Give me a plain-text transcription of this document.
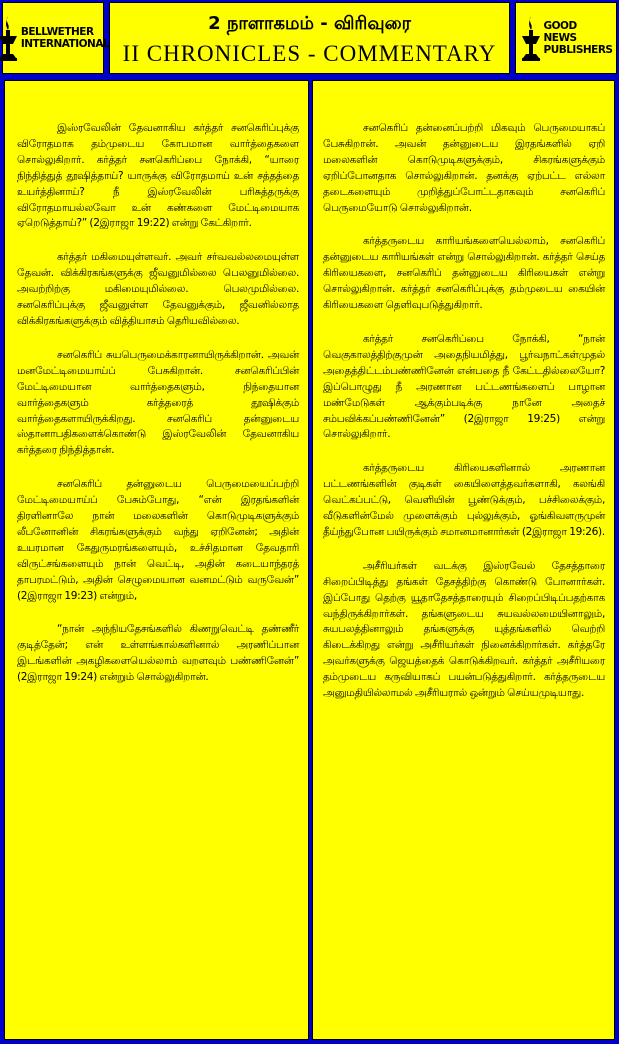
BELLWETHER
INTERNATIONAL
2 நாளாகமம் - விரிவுரை
II CHRONICLES - COMMENTARY
GOOD NEWS
PUBLISHERS

இஸ்ரவேலின் தேவனாகிய கர்த்தர் சனகெரிப்புக்கு விரோதமாக தம்முடைய கோபமான வார்த்தைகளை சொல்லுகிறார். கர்த்தர் சனகெரிப்பை நோக்கி, “யாரை நிந்தித்துத் தூஷித்தாய்? யாருக்கு விரோதமாய் உன் சத்தத்தை உயர்த்தினாய்? நீ இஸ்ரவேலின் பரிசுத்தருக்கு விரோதமாயல்லவோ உன் கண்களை மேட்டிமையாக ஏறெடுத்தாய்?” (2இராஜா 19:22) என்று கேட்கிறார்.

கர்த்தர் மகிமையுள்ளவர். அவர் சர்வவல்லமையுள்ள தேவன். விக்கிரகங்களுக்கு ஜீவனுமில்லை பெலனுமில்லை. அவற்றிற்கு மகிமையுமில்லை. பெலமுமில்லை. சனகெரிப்புக்கு ஜீவனுள்ள தேவனுக்கும், ஜீவனில்லாத விக்கிரகங்களுக்கும் வித்தியாசம் தெரியவில்லை.

சனகெரிப் சுயபெருமைக்காரனாயிருக்கிறான். அவன் மனமேட்டிமையாய்ப் பேசுகிறான். சனகெரிப்பின் மேட்டிமையான வார்த்தைகளும், நிந்தையான வார்த்தைகளும் கர்த்தரைத் தூஷிக்கும் வார்த்தைகளாயிருக்கிறது. சனகெரிப் தன்னுடைய ஸ்தானாபதிகளைக்கொண்டு இஸ்ரவேலின் தேவனாகிய கர்த்தரை நிந்தித்தான்.

சனகெரிப் தன்னுடைய பெருமையைப்பற்றி மேட்டிமையாய்ப் பேசும்போது, “என் இரதங்களின் திரளினாலே நான் மலைகளின் கொடுமுடிகளுக்கும் லீபனோனின் சிகரங்களுக்கும் வந்து ஏறினேன்; அதின் உயரமான கேதுருமரங்களையும், உச்சிதமான தேவதாரி விருட்சங்களையும் நான் வெட்டி, அதின் கடையாந்தரத் தாபரமட்டும், அதின் செழுமையான வனமட்டும் வருவேன்” (2இராஜா 19:23) என்றும்,

“நான் அந்நியதேசங்களில் கிணறுவெட்டி தண்ணீர் குடித்தேன்; என் உள்ளங்கால்களினால் அரணிப்பான இடங்களின் அகழிகளையெல்லாம் வறளவும் பண்ணினேன்” (2இராஜா 19:24) என்றும் சொல்லுகிறான்.

சனகெரிப் தன்னைப்பற்றி மிகவும் பெருமையாகப் பேசுகிறான். அவன் தன்னுடைய இரதங்களில் ஏறி மலைகளின் கொடுமுடிகளுக்கும், சிகரங்களுக்கும் ஏறிப்போனதாக சொல்லுகிறான். தனக்கு ஏற்பட்ட எல்லா தடைகளையும் முறித்துப்போட்டதாகவும் சனகெரிப் பெருமையோடு சொல்லுகிறான்.

கர்த்தருடைய காரியங்களையெல்லாம், சனகெரிப் தன்னுடைய காரியங்கள் என்று சொல்லுகிறான். கர்த்தர் செய்த கிரியைகளை, சனகெரிப் தன்னுடைய கிரியைகள் என்று சொல்லுகிறான். கர்த்தர் சனகெரிப்புக்கு தம்முடைய கையின் கிரியைகளை தெளிவுபடுத்துகிறார்.

கர்த்தர் சனகெரிப்பை நோக்கி, “நான் வெகுகாலத்திற்குமுன் அதைநியமித்து, பூர்வநாட்கள்முதல் அதைத்திட்டம்பண்ணினேன் என்பதை நீ கேட்டதில்லையோ? இப்பொழுது நீ அரணான பட்டணங்களைப் பாழான மண்மேடுகள் ஆக்கும்படிக்கு நானே அதைச் சம்பவிக்கப்பண்ணினேன்” (2இராஜா 19:25) என்று சொல்லுகிறார்.

கர்த்தருடைய கிரியைகளினால் அரணான பட்டணங்களின் குடிகள் கையிளைத்தவர்களாகி, கலங்கி வெட்கப்பட்டு, வெளியின் பூண்டுக்கும், பச்சிலைக்கும், வீடுகளின்மேல் முளைக்கும் புல்லுக்கும், ஓங்கிவளருமுன் தீய்ந்துபோன பயிருக்கும் சமானமானார்கள் (2இராஜா 19:26).

அசீரியர்கள் வடக்கு இஸ்ரவேல் தேசத்தாரை சிறைப்பிடித்து தங்கள் தேசத்திற்கு கொண்டு போனார்கள். இப்போது தெற்கு யூதாதேசத்தாரையும் சிறைப்பிடிப்பதற்காக வந்திருக்கிறார்கள். தங்களுடைய சுயவல்லமையினாலும், சுயபலத்தினாலும் தங்களுக்கு யுத்தங்களில் வெற்றி கிடைக்கிறது என்று அசீரியர்கள் நினைக்கிறார்கள். கர்த்தரே அவர்களுக்கு ஜெயத்தைக் கொடுக்கிறவர். கர்த்தர் அசீரியரை தம்முடைய கருவியாகப் பயன்படுத்துகிறார். கர்த்தருடைய அனுமதியில்லாமல் அசீரியரால் ஒன்றும் செய்யமுடியாது.
